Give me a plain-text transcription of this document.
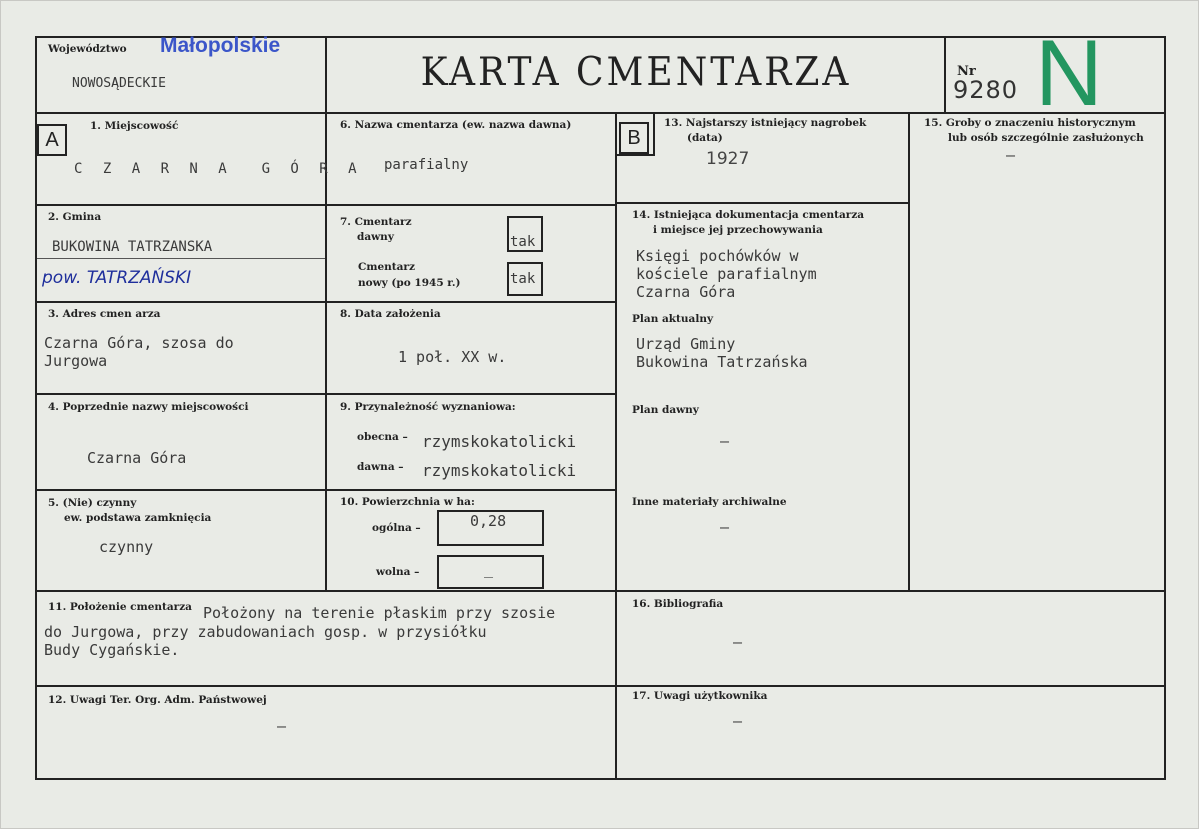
Województwo Małopolskie
NOWOSĄDECKIE	KARTA CMENTARZA	Nr
9280 N
A
1. Miejscowość
C Z A R N A  G Ó R A
2. Gmina
BUKOWINA TATRZANSKA
pow. TATRZAŃSKI
3. Adres cmen arza
Czarna Góra, szosa do
Jurgowa
4. Poprzednie nazwy miejscowości
Czarna Góra
5. (Nie) czynny
ew. podstawa zamknięcia
czynny
6. Nazwa cmentarza (ew. nazwa dawna)
parafialny
7. Cmentarz
dawny	tak
Cmentarz
nowy (po 1945 r.)	tak
8. Data założenia
1 poł. XX w.
9. Przynależność wyznaniowa:
obecna – rzymskokatolicki
dawna – rzymskokatolicki
10. Powierzchnia w ha:
ogólna –	0,28
wolna –	_
B
13. Najstarszy istniejący nagrobek
(data)
1927
14. Istniejąca dokumentacja cmentarza
i miejsce jej przechowywania
Księgi pochówków w
kościele parafialnym
Czarna Góra
Plan aktualny
Urząd Gminy
Bukowina Tatrzańska
Plan dawny
–
Inne materiały archiwalne
–
15. Groby o znaczeniu historycznym
lub osób szczególnie zasłużonych
–
11. Położenie cmentarza Położony na terenie płaskim przy szosie
do Jurgowa, przy zabudowaniach gosp. w przysiółku
Budy Cygańskie.
12. Uwagi Ter. Org. Adm. Państwowej
–
16. Bibliografia
–
17. Uwagi użytkownika
–
